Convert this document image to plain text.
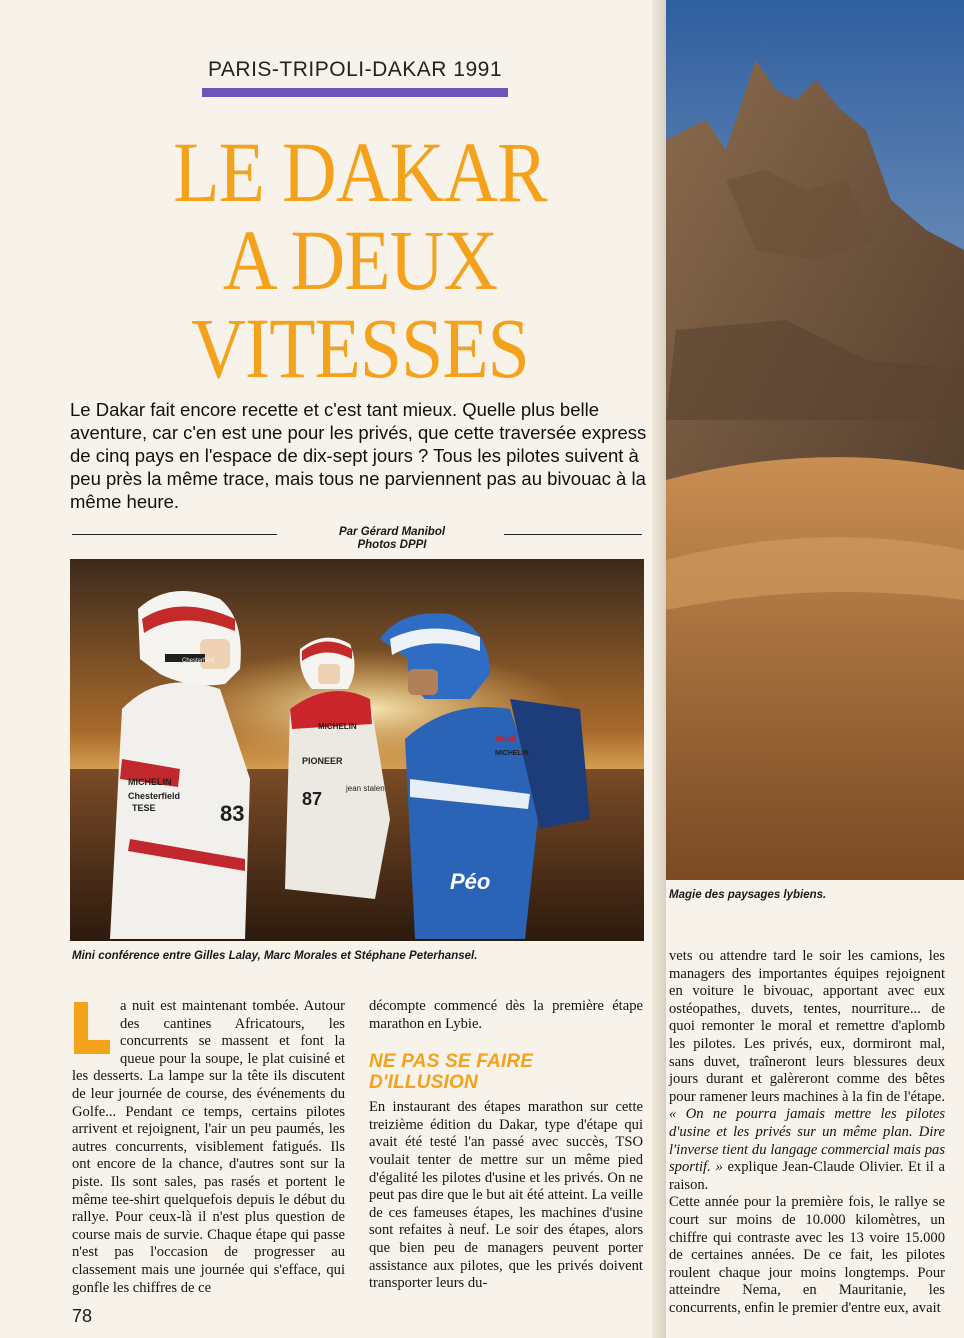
PARIS-TRIPOLI-DAKAR 1991
LE DAKAR
A DEUX
VITESSES
Le Dakar fait encore recette et c'est tant mieux. Quelle plus belle aventure, car c'en est une pour les privés, que cette traversée express de cinq pays en l'espace de dix-sept jours ? Tous les pilotes suivent à peu près la même trace, mais tous ne parviennent pas au bivouac à la même heure.
Par Gérard Manibol
Photos DPPI
Chesterfield
Chesterfield
MICHELIN
TESE	83
MICHELIN
PIONEER
jean stalen
87
Mobil
MICHELIN
Péo
Mini conférence entre Gilles Lalay, Marc Morales et Stéphane Peterhansel.
Magie des paysages lybiens.
L	a nuit est maintenant tombée. Autour des cantines Africatours, les concurrents se massent et font la queue pour la soupe, le plat cuisiné et les desserts. La lampe sur la tête ils discutent de leur journée de course, des événements du Golfe... Pendant ce temps, certains pilotes arrivent et rejoignent, l'air un peu paumés, les autres concurrents, visiblement fatigués. Ils ont encore de la chance, d'autres sont sur la piste. Ils sont sales, pas rasés et portent le même tee-shirt quelquefois depuis le début du rallye. Pour ceux-là il n'est plus question de course mais de survie. Chaque étape qui passe n'est pas l'occasion de progresser au classement mais une journée qui s'efface, qui gonfle les chiffres de ce

décompte commencé dès la première étape marathon en Lybie.

NE PAS SE FAIRE D'ILLUSION

En instaurant des étapes marathon sur cette treizième édition du Dakar, type d'étape qui avait été testé l'an passé avec succès, TSO voulait tenter de mettre sur un même pied d'égalité les pilotes d'usine et les privés. On ne peut pas dire que le but ait été atteint. La veille de ces fameuses étapes, les machines d'usine sont refaites à neuf. Le soir des étapes, alors que bien peu de managers peuvent porter assistance aux pilotes, que les privés doivent transporter leurs du-

vets ou attendre tard le soir les camions, les managers des importantes équipes rejoignent en voiture le bivouac, apportant avec eux ostéopathes, duvets, tentes, nourriture... de quoi remonter le moral et remettre d'aplomb les pilotes. Les privés, eux, dormiront mal, sans duvet, traîneront leurs blessures deux jours durant et galèreront comme des bêtes pour ramener leurs machines à la fin de l'étape. « On ne pourra jamais mettre les pilotes d'usine et les privés sur un même plan. Dire l'inverse tient du langage commercial mais pas sportif. » explique Jean-Claude Olivier. Et il a raison.

Cette année pour la première fois, le rallye se court sur moins de 10.000 kilomètres, un chiffre qui contraste avec les 13 voire 15.000 de certaines années. De ce fait, les pilotes roulent chaque jour moins longtemps. Pour atteindre Nema, en Mauritanie, les concurrents, enfin le premier d'entre eux, avait

78
